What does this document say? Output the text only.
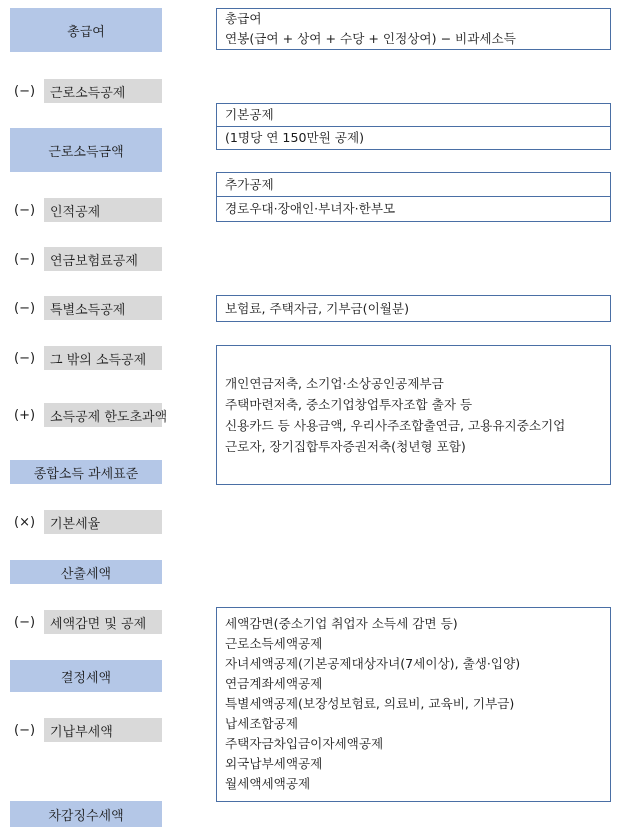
총급여
근로소득금액
종합소득 과세표준
산출세액
결정세액
차감징수세액
(−)	근로소득공제
(−)	인적공제
(−)	연금보험료공제
(−)	특별소득공제
(−)	그 밖의 소득공제
(+)	소득공제 한도초과액
(×)	기본세율
(−)	세액감면 및 공제
(−)	기납부세액
총급여
연봉(급여 + 상여 + 수당 + 인정상여) − 비과세소득
기본공제
(1명당 연 150만원 공제)
추가공제
경로우대·장애인·부녀자·한부모
보험료, 주택자금, 기부금(이월분)
개인연금저축, 소기업·소상공인공제부금
주택마련저축, 중소기업창업투자조합 출자 등
신용카드 등 사용금액, 우리사주조합출연금, 고용유지중소기업
근로자, 장기집합투자증권저축(청년형 포함)
세액감면(중소기업 취업자 소득세 감면 등)
근로소득세액공제
자녀세액공제(기본공제대상자녀(7세이상), 출생·입양)
연금계좌세액공제
특별세액공제(보장성보험료, 의료비, 교육비, 기부금)
납세조합공제
주택자금차입금이자세액공제
외국납부세액공제
월세액세액공제
